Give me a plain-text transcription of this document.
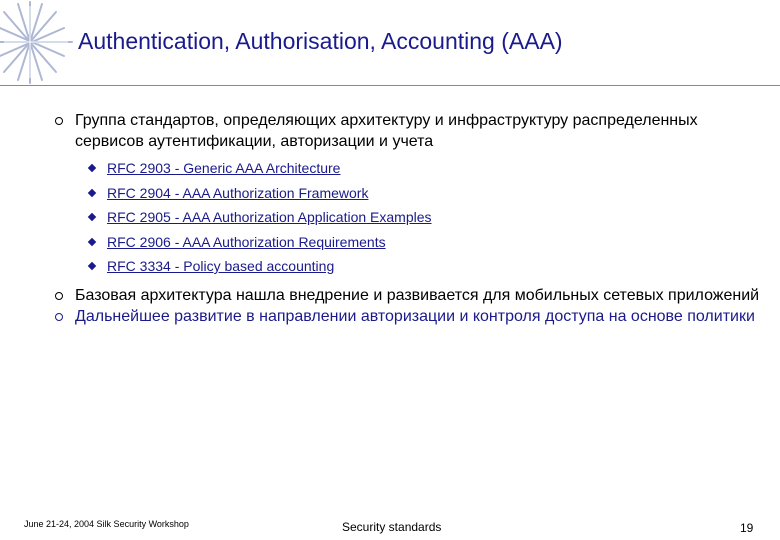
Authentication, Authorisation, Accounting (AAA)
Группа стандартов, определяющих архитектуру и инфраструктуру распределенных сервисов аутентификации, авторизации и учета
RFC 2903 - Generic AAA Architecture
RFC 2904 - AAA Authorization Framework
RFC 2905 - AAA Authorization Application Examples
RFC 2906 - AAA Authorization Requirements
RFC 3334 - Policy based accounting
Базовая архитектура нашла внедрение и развивается для мобильных сетевых приложений
Дальнейшее развитие в направлении авторизации и контроля доступа на основе политики
June 21-24, 2004 Silk Security Workshop	Security standards	19
